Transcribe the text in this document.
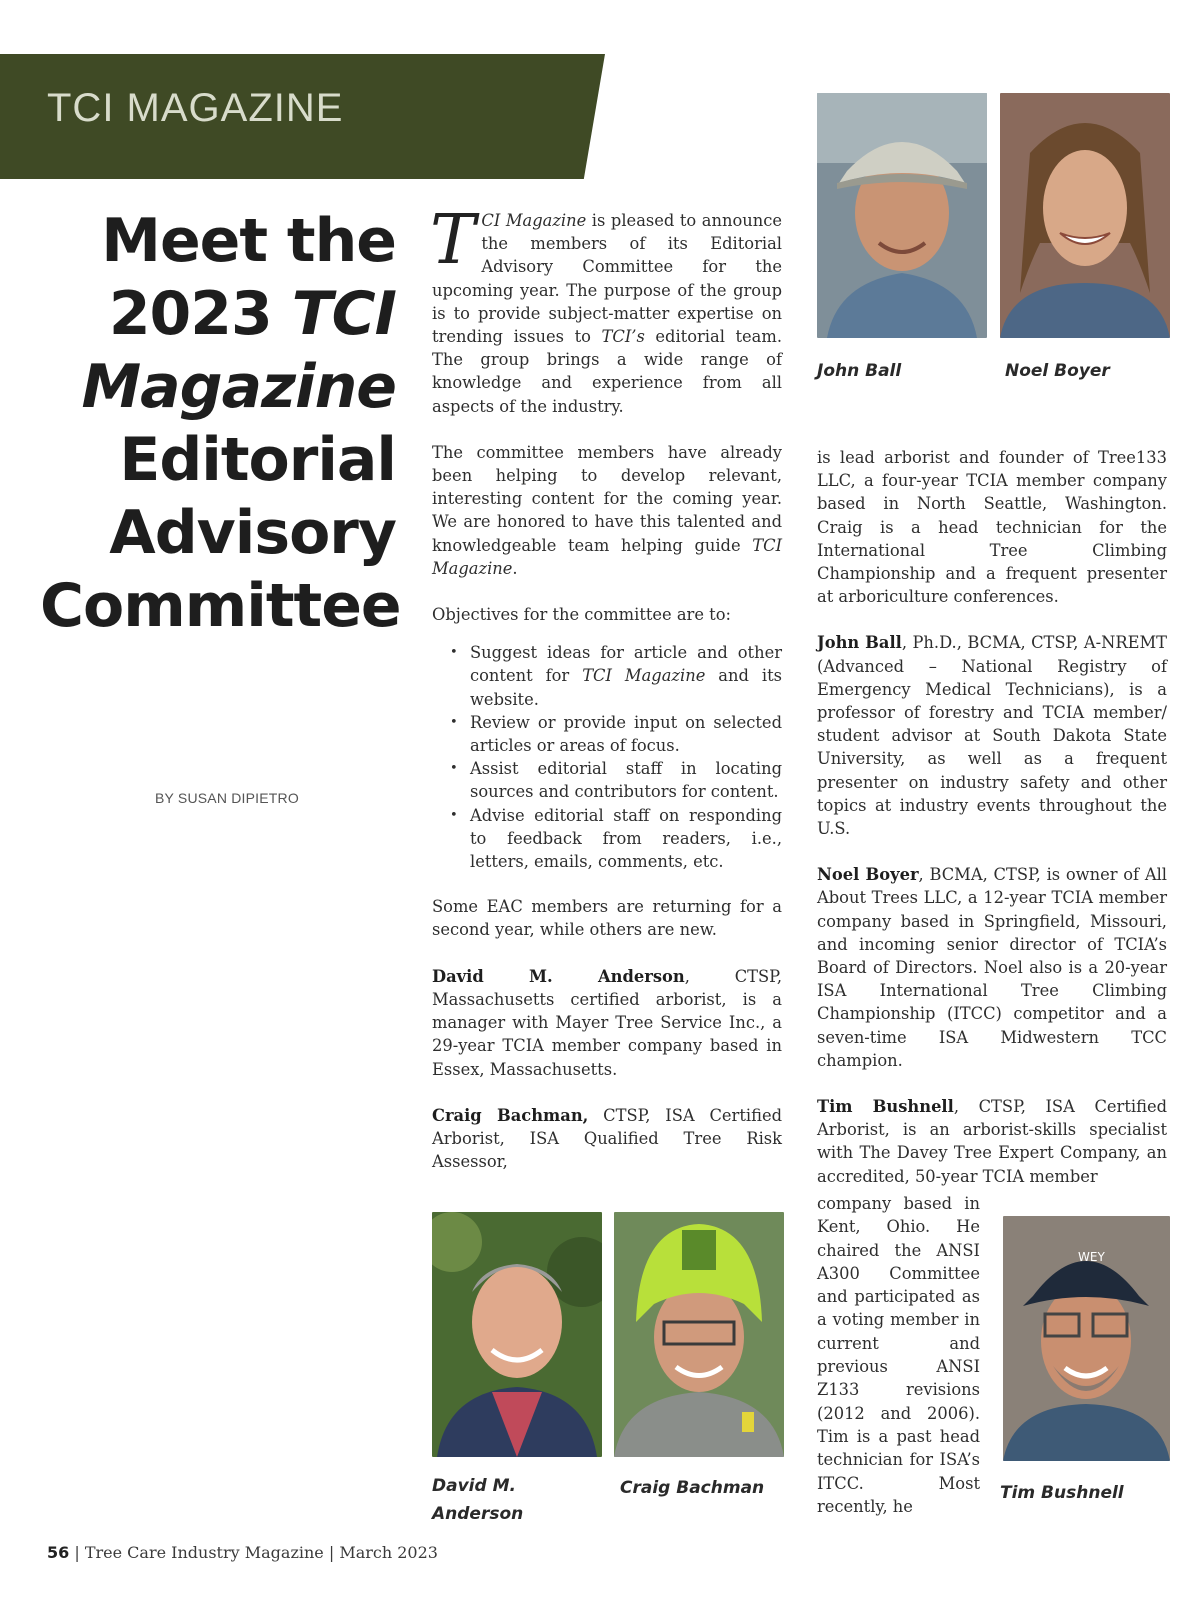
TCI MAGAZINE
Meet the
2023 TCI
Magazine
Editorial
Advisory
Committee
BY SUSAN DIPIETRO

TCI Magazine is pleased to announce the members of its Editorial Advisory Committee for the upcoming year. The purpose of the group is to provide subject-matter expertise on trending issues to TCI’s editorial team. The group brings a wide range of knowledge and experience from all aspects of the industry.

The committee members have already been helping to develop relevant, interesting content for the coming year. We are honored to have this talented and knowledgeable team helping guide TCI Magazine.

Objectives for the committee are to:

• Suggest ideas for article and other content for TCI Magazine and its website.
• Review or provide input on selected articles or areas of focus.
• Assist editorial staff in locating sources and contributors for content.
• Advise editorial staff on responding to feedback from readers, i.e., letters, emails, comments, etc.

Some EAC members are returning for a second year, while others are new.

David M. Anderson, CTSP, Massachusetts certified arborist, is a manager with Mayer Tree Service Inc., a 29-year TCIA member company based in Essex, Massachusetts.

Craig Bachman, CTSP, ISA Certified Arborist, ISA Qualified Tree Risk Assessor,

is lead arborist and founder of Tree133 LLC, a four-year TCIA member company based in North Seattle, Washington. Craig is a head technician for the International Tree Climbing Championship and a frequent presenter at arboriculture conferences.

John Ball, Ph.D., BCMA, CTSP, A-NREMT (Advanced – National Registry of Emergency Medical Technicians), is a professor of forestry and TCIA member/ student advisor at South Dakota State University, as well as a frequent presenter on industry safety and other topics at industry events throughout the U.S.

Noel Boyer, BCMA, CTSP, is owner of All About Trees LLC, a 12-year TCIA member company based in Springfield, Missouri, and incoming senior director of TCIA’s Board of Directors. Noel also is a 20-year ISA International Tree Climbing Championship (ITCC) competitor and a seven-time ISA Midwestern TCC champion.

Tim Bushnell, CTSP, ISA Certified Arborist, is an arborist-skills specialist with The Davey Tree Expert Company, an accredited, 50-year TCIA member

company based in Kent, Ohio. He chaired the ANSI A300 Committee and participated as a voting member in current and previous ANSI Z133 revisions (2012 and 2006). Tim is a past head technician for ISA’s ITCC. Most recently, he
WEY
John Ball	Noel Boyer
David M.
Anderson
Craig Bachman	Tim Bushnell
56 | Tree Care Industry Magazine | March 2023
